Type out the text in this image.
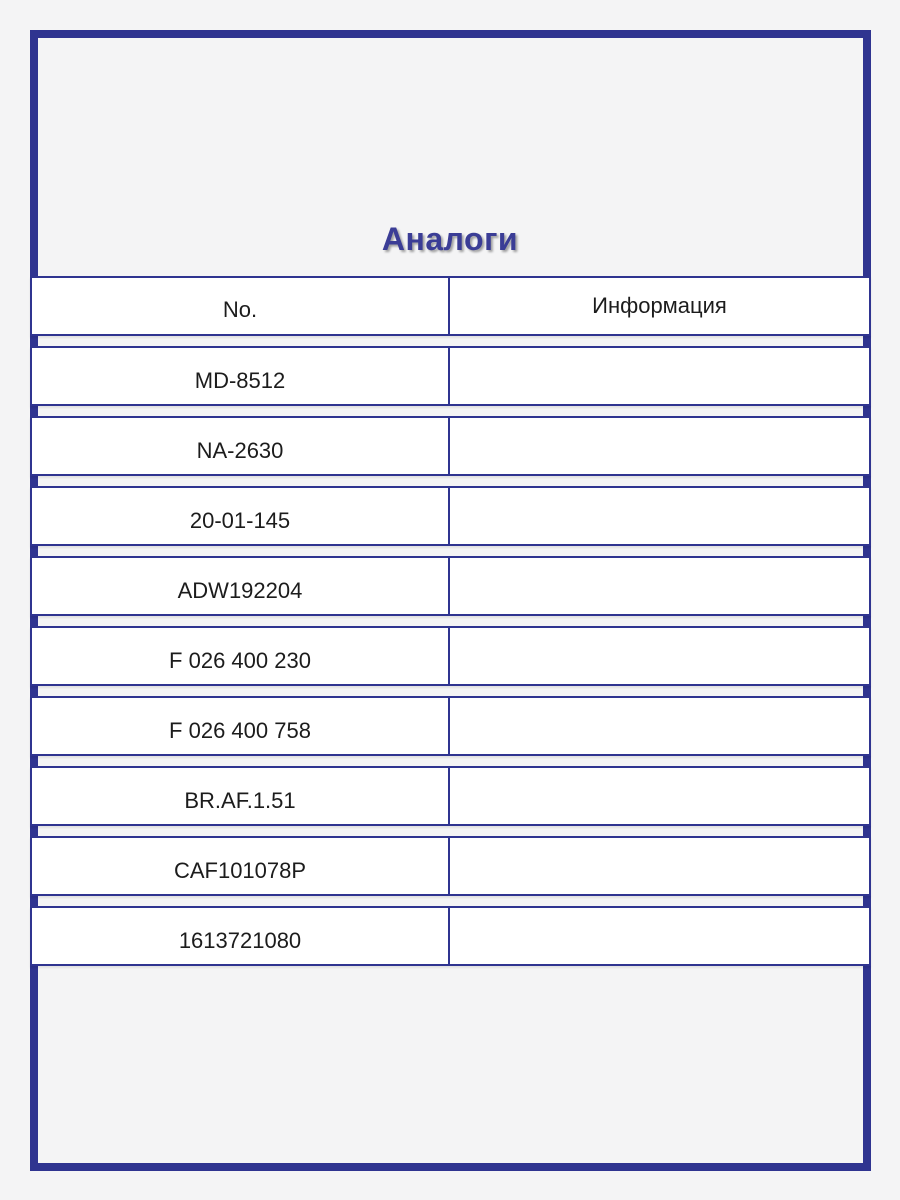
Аналоги
No.	Информация
MD-8512
NA-2630
20-01-145
ADW192204
F 026 400 230
F 026 400 758
BR.AF.1.51
CAF101078P
1613721080
